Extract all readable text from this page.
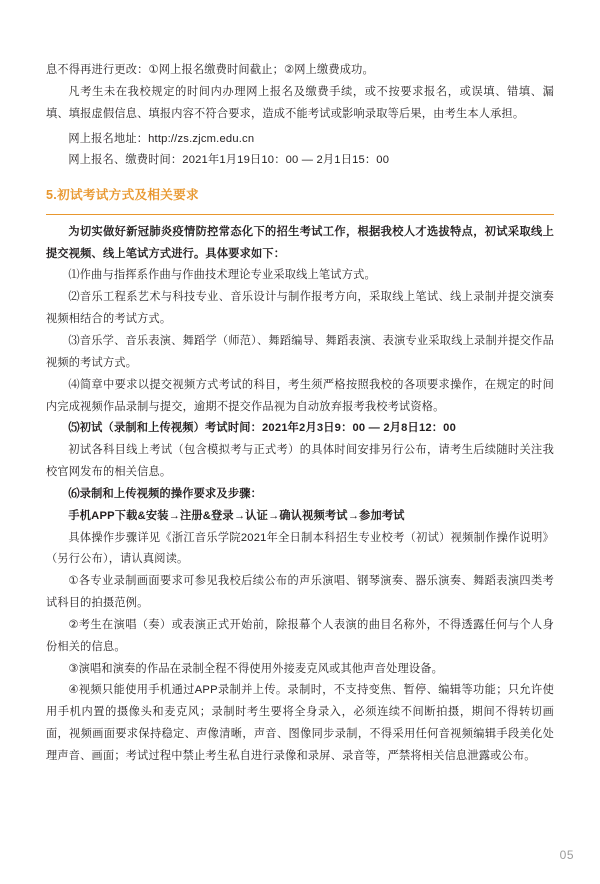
息不得再进行更改：①网上报名缴费时间截止；②网上缴费成功。

凡考生未在我校规定的时间内办理网上报名及缴费手续，或不按要求报名，或误填、错填、漏填、填报虚假信息、填报内容不符合要求，造成不能考试或影响录取等后果，由考生本人承担。

网上报名地址：http://zs.zjcm.edu.cn

网上报名、缴费时间：2021年1月19日10：00 — 2月1日15：00

5.初试考试方式及相关要求

为切实做好新冠肺炎疫情防控常态化下的招生考试工作，根据我校人才选拔特点，初试采取线上提交视频、线上笔试方式进行。具体要求如下：

⑴作曲与指挥系作曲与作曲技术理论专业采取线上笔试方式。

⑵音乐工程系艺术与科技专业、音乐设计与制作报考方向，采取线上笔试、线上录制并提交演奏视频相结合的考试方式。

⑶音乐学、音乐表演、舞蹈学（师范）、舞蹈编导、舞蹈表演、表演专业采取线上录制并提交作品视频的考试方式。

⑷简章中要求以提交视频方式考试的科目，考生须严格按照我校的各项要求操作，在规定的时间内完成视频作品录制与提交，逾期不提交作品视为自动放弃报考我校考试资格。

⑸初试（录制和上传视频）考试时间：2021年2月3日9：00 — 2月8日12：00

初试各科目线上考试（包含模拟考与正式考）的具体时间安排另行公布，请考生后续随时关注我校官网发布的相关信息。

⑹录制和上传视频的操作要求及步骤：

手机APP下载&安装→注册&登录→认证→确认视频考试→参加考试

具体操作步骤详见《浙江音乐学院2021年全日制本科招生专业校考（初试）视频制作操作说明》（另行公布），请认真阅读。

①各专业录制画面要求可参见我校后续公布的声乐演唱、钢琴演奏、器乐演奏、舞蹈表演四类考试科目的拍摄范例。

②考生在演唱（奏）或表演正式开始前，除报幕个人表演的曲目名称外，不得透露任何与个人身份相关的信息。

③演唱和演奏的作品在录制全程不得使用外接麦克风或其他声音处理设备。

④视频只能使用手机通过APP录制并上传。录制时，不支持变焦、暂停、编辑等功能；只允许使用手机内置的摄像头和麦克风；录制时考生要将全身录入，必须连续不间断拍摄，期间不得转切画面，视频画面要求保持稳定、声像清晰，声音、图像同步录制，不得采用任何音视频编辑手段美化处理声音、画面；考试过程中禁止考生私自进行录像和录屏、录音等，严禁将相关信息泄露或公布。

05
